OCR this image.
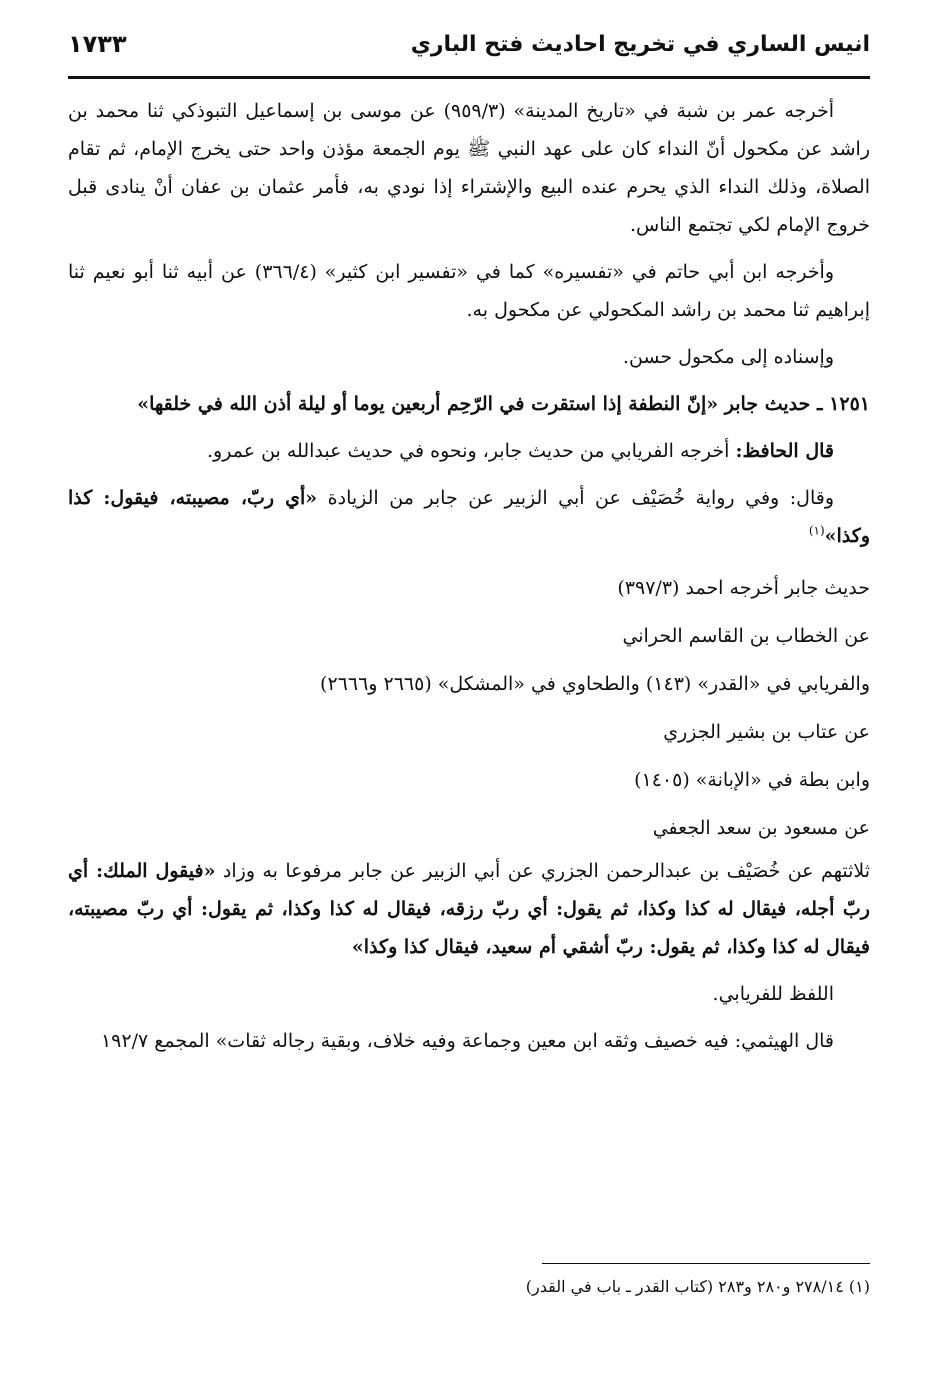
انيس الساري في تخريج احاديث فتح الباري
١٧٣٣

أخرجه عمر بن شبة في «تاريخ المدينة» (٩٥٩/٣) عن موسى بن إسماعيل التبوذكي ثنا محمد بن راشد عن مكحول أنّ النداء كان على عهد النبي ﷺ يوم الجمعة مؤذن واحد حتى يخرج الإمام، ثم تقام الصلاة، وذلك النداء الذي يحرم عنده البيع والإشتراء إذا نودي به، فأمر عثمان بن عفان أنْ ينادى قبل خروج الإمام لكي تجتمع الناس.

وأخرجه ابن أبي حاتم في «تفسيره» كما في «تفسير ابن كثير» (٣٦٦/٤) عن أبيه ثنا أبو نعيم ثنا إبراهيم ثنا محمد بن راشد المكحولي عن مكحول به.

وإسناده إلى مكحول حسن.

١٢٥١ ـ حديث جابر «إنّ النطفة إذا استقرت في الرّحِم أربعين يوما أو ليلة أذن الله في خلقها»

قال الحافظ: أخرجه الفريابي من حديث جابر، ونحوه في حديث عبدالله بن عمرو.

وقال: وفي رواية خُصَيْف عن أبي الزبير عن جابر من الزيادة «أي ربّ، مصيبته، فيقول: كذا وكذا»$^{(١)}$

حديث جابر أخرجه احمد (٣٩٧/٣)
عن الخطاب بن القاسم الحراني
والفريابي في «القدر» (١٤٣) والطحاوي في «المشكل» (٢٦٦٥ و٢٦٦٦)
عن عتاب بن بشير الجزري
وابن بطة في «الإبانة» (١٤٠٥)
عن مسعود بن سعد الجعفي

ثلاثتهم عن خُصَيْف بن عبدالرحمن الجزري عن أبي الزبير عن جابر مرفوعا به وزاد «فيقول الملك: أي ربّ أجله، فيقال له كذا وكذا، ثم يقول: أي ربّ رزقه، فيقال له كذا وكذا، ثم يقول: أي ربّ مصيبته، فيقال له كذا وكذا، ثم يقول: ربّ أشقي أم سعيد، فيقال كذا وكذا»

اللفظ للفريابي.

قال الهيثمي: فيه خصيف وثقه ابن معين وجماعة وفيه خلاف، وبقية رجاله ثقات» المجمع ١٩٢/٧

(١) ٢٧٨/١٤ و٢٨٠ و٢٨٣ (كتاب القدر ـ باب في القدر)
